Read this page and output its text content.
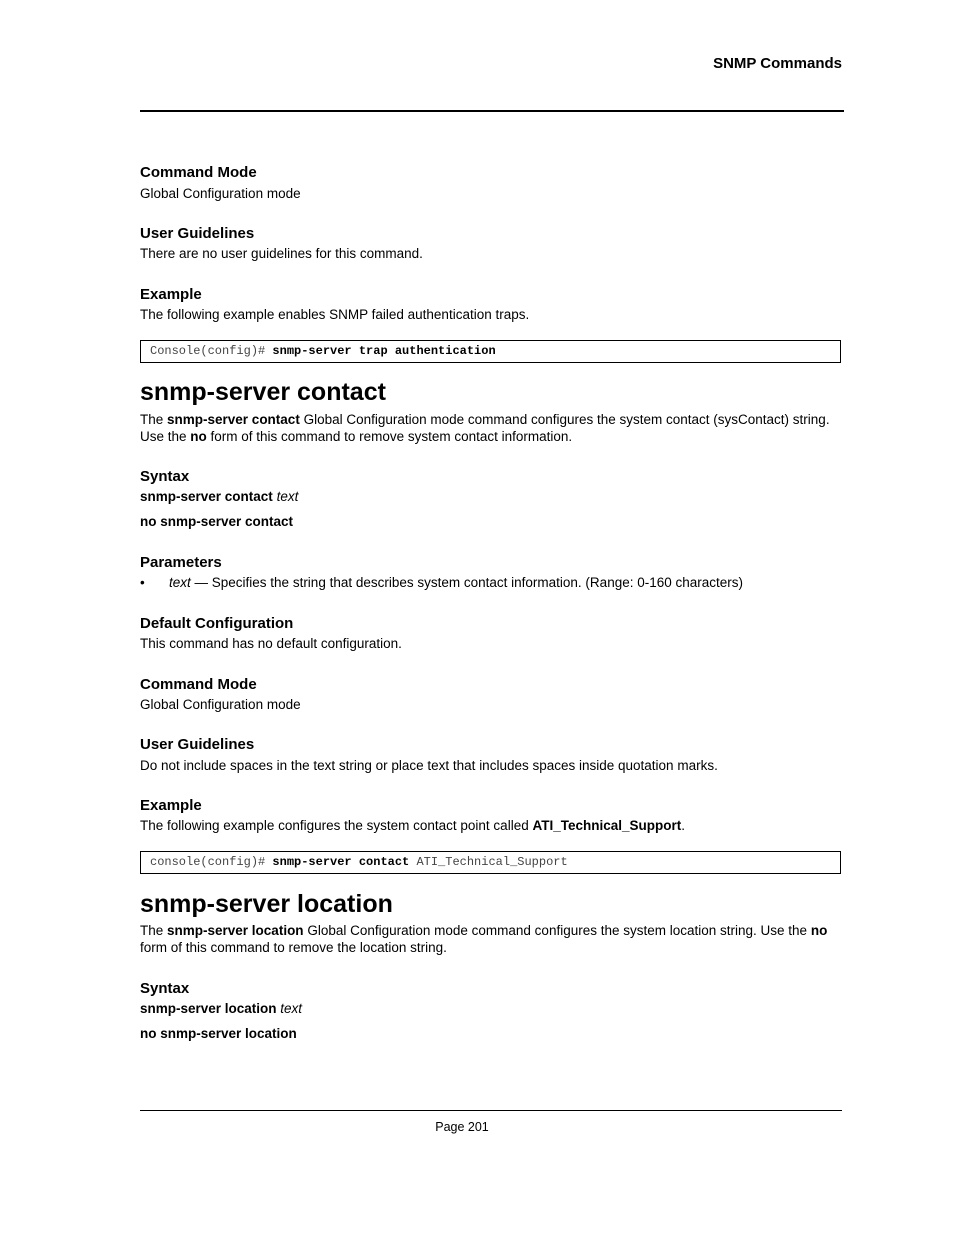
SNMP Commands
Command Mode
Global Configuration mode
User Guidelines
There are no user guidelines for this command.
Example
The following example enables SNMP failed authentication traps.
Console(config)# snmp-server trap authentication
snmp-server contact
The snmp-server contact Global Configuration mode command configures the system contact (sysContact) string. Use the no form of this command to remove system contact information.
Syntax
snmp-server contact text
no snmp-server contact
Parameters
• text — Specifies the string that describes system contact information. (Range: 0-160 characters)
Default Configuration
This command has no default configuration.
Command Mode
Global Configuration mode
User Guidelines
Do not include spaces in the text string or place text that includes spaces inside quotation marks.
Example
The following example configures the system contact point called ATI_Technical_Support.
console(config)# snmp-server contact ATI_Technical_Support
snmp-server location
The snmp-server location Global Configuration mode command configures the system location string. Use the no form of this command to remove the location string.
Syntax
snmp-server location text
no snmp-server location
Page 201
